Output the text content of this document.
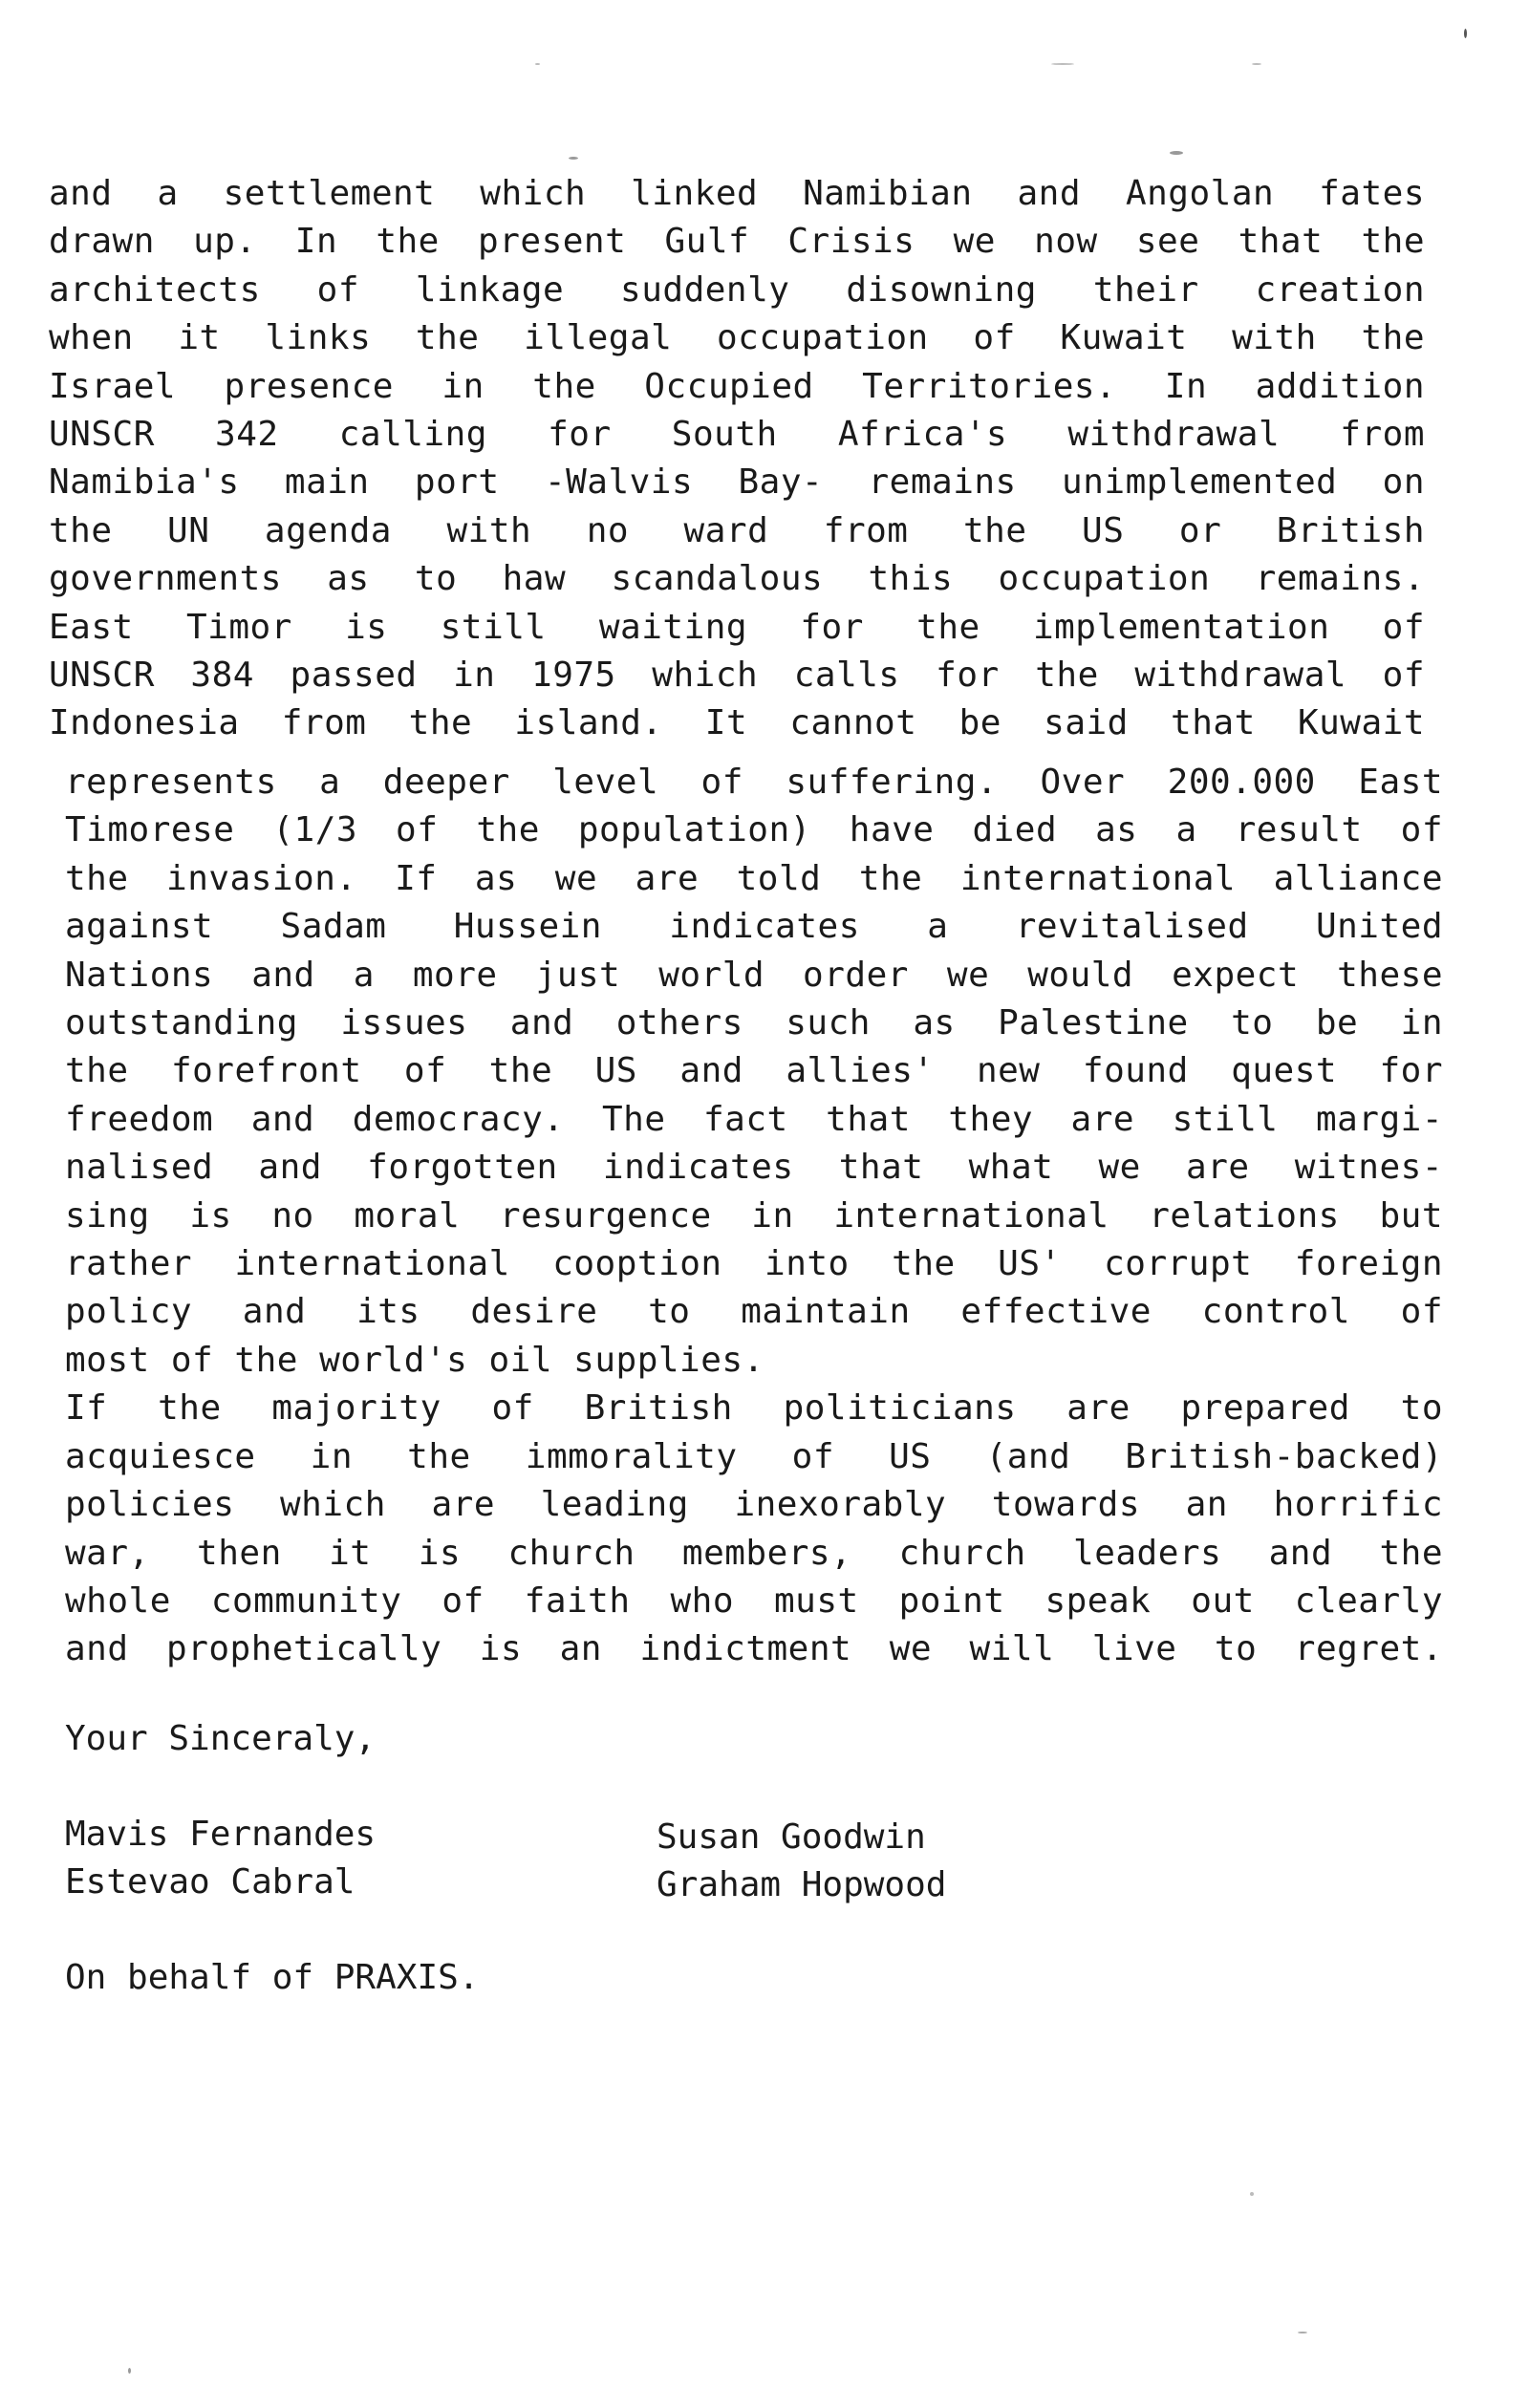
and a settlement which linked Namibian and Angolan fates
drawn up. In the present Gulf Crisis we now see that the
architects of linkage suddenly disowning their creation
when it links the illegal occupation of Kuwait with the
Israel presence in the Occupied Territories. In addition
UNSCR 342 calling for South Africa's withdrawal from
Namibia's main port -Walvis Bay- remains unimplemented on
the UN agenda with no ward from the US or British
governments as to haw scandalous this occupation remains.
East Timor is still waiting for the implementation of
UNSCR 384 passed in 1975 which calls for the withdrawal of
Indonesia from the island. It cannot be said that Kuwait
represents a deeper level of suffering. Over 200.000 East
Timorese (1/3 of the population) have died as a result of
the invasion. If as we are told the international alliance
against Sadam Hussein indicates a revitalised United
Nations and a more just world order we would expect these
outstanding issues and others such as Palestine to be in
the forefront of the US and allies' new found quest for
freedom and democracy. The fact that they are still margi-
nalised and forgotten indicates that what we are witnes-
sing is no moral resurgence in international relations but
rather international cooption into the US' corrupt foreign
policy and its desire to maintain effective control of
most of the world's oil supplies.
If the majority of British politicians are prepared to
acquiesce in the immorality of US (and British-backed)
policies which are leading inexorably towards an horrific
war, then it is church members, church leaders and the
whole community of faith who must point speak out clearly
and prophetically is an indictment we will live to regret.
Your Sinceraly,
Mavis Fernandes
Estevao Cabral
Susan Goodwin
Graham Hopwood
On behalf of PRAXIS.
